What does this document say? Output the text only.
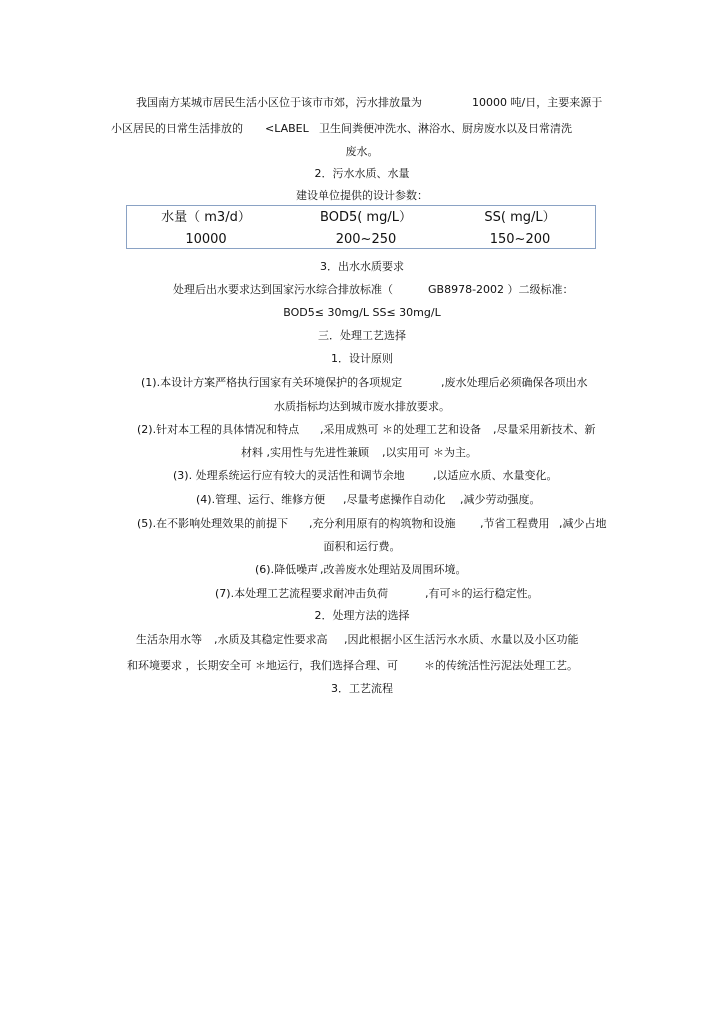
我国南方某城市居民生活小区位于该市市郊，污水排放量为	10000 吨/日，主要来源于
小区居民的日常生活排放的 <LABEL 卫生间粪便冲洗水、淋浴水、厨房废水以及日常清洗
废水。
2．污水水质、水量
建设单位提供的设计参数：
水量（ m3/d）	BOD5( mg/L）	SS( mg/L）
10000	200~250	150~200
3．出水水质要求
处理后出水要求达到国家污水综合排放标准（	GB8978-2002 ）二级标准：
BOD5≤ 30mg/L SS≤ 30mg/L
三．处理工艺选择
1．设计原则
(1).本设计方案严格执行国家有关环境保护的各项规定	,废水处理后必须确保各项出水
水质指标均达到城市废水排放要求。
(2).针对本工程的具体情况和特点 ,采用成熟可 ＊的处理工艺和设备 ,尽量采用新技术、新
材料 ,实用性与先进性兼顾 ,以实用可 ＊为主。
(3). 处理系统运行应有较大的灵活性和调节余地	,以适应水质、水量变化。
(4).管理、运行、维修方便 ,尽量考虑操作自动化 ,减少劳动强度。
(5).在不影响处理效果的前提下 ,充分利用原有的构筑物和设施 ,节省工程费用 ,减少占地
面积和运行费。
(6).降低噪声 ,改善废水处理站及周围环境。
(7).本处理工艺流程要求耐冲击负荷	,有可＊的运行稳定性。
2．处理方法的选择
生活杂用水等 ,水质及其稳定性要求高 ,因此根据小区生活污水水质、水量以及小区功能
和环境要求 ，长期安全可 ＊地运行，我们选择合理、可 ＊的传统活性污泥法处理工艺。
3．工艺流程
